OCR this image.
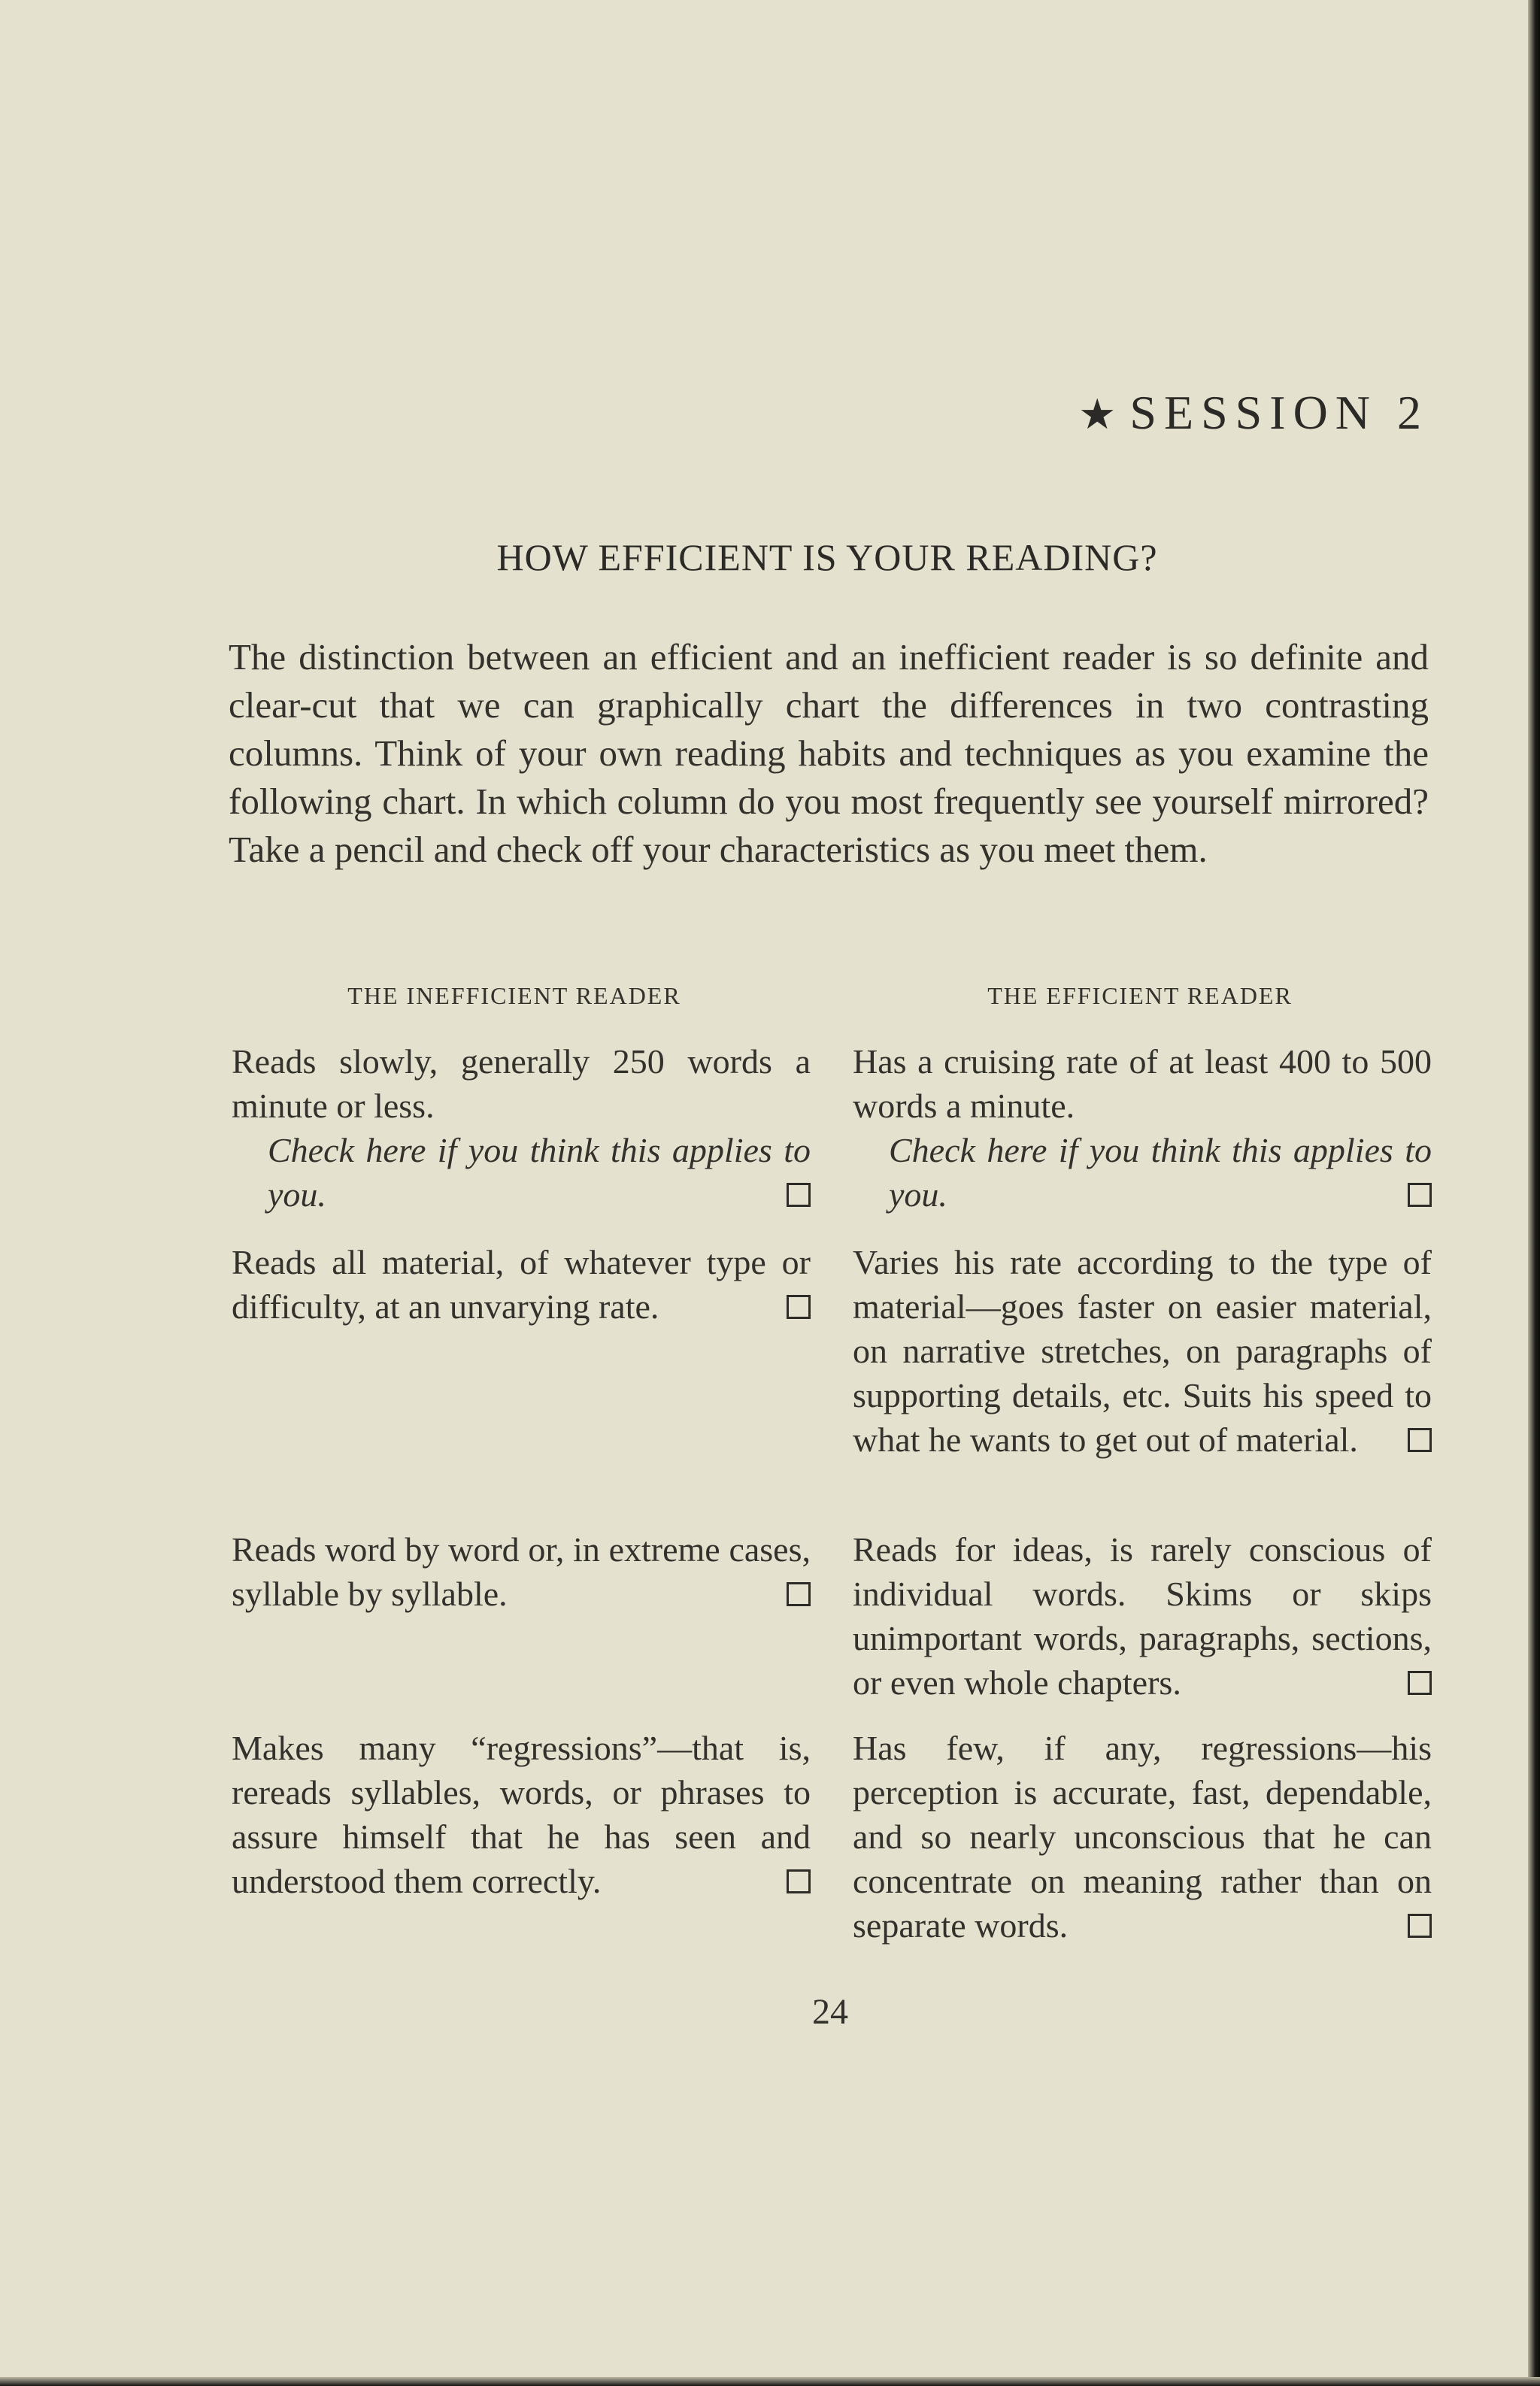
★ SESSION 2
HOW EFFICIENT IS YOUR READING?
The distinction between an efficient and an inefficient reader is so definite and clear-cut that we can graphically chart the differences in two contrasting columns. Think of your own reading habits and techniques as you examine the following chart. In which column do you most frequently see yourself mirrored? Take a pencil and check off your characteristics as you meet them.
THE INEFFICIENT READER	THE EFFICIENT READER
Reads slowly, generally 250 words a minute or less.
Check here if you think this applies to you.
Reads all material, of whatever type or difficulty, at an unvarying rate.
Reads word by word or, in extreme cases, syllable by syllable.
Makes many “regressions”—that is, rereads syllables, words, or phrases to assure himself that he has seen and understood them correctly.
Has a cruising rate of at least 400 to 500 words a minute.
Check here if you think this applies to you.
Varies his rate according to the type of material—goes faster on easier material, on narrative stretches, on paragraphs of supporting details, etc. Suits his speed to what he wants to get out of material.
Reads for ideas, is rarely conscious of individual words. Skims or skips unimportant words, paragraphs, sections, or even whole chapters.
Has few, if any, regressions—his perception is accurate, fast, dependable, and so nearly unconscious that he can concentrate on meaning rather than on separate words.
24
